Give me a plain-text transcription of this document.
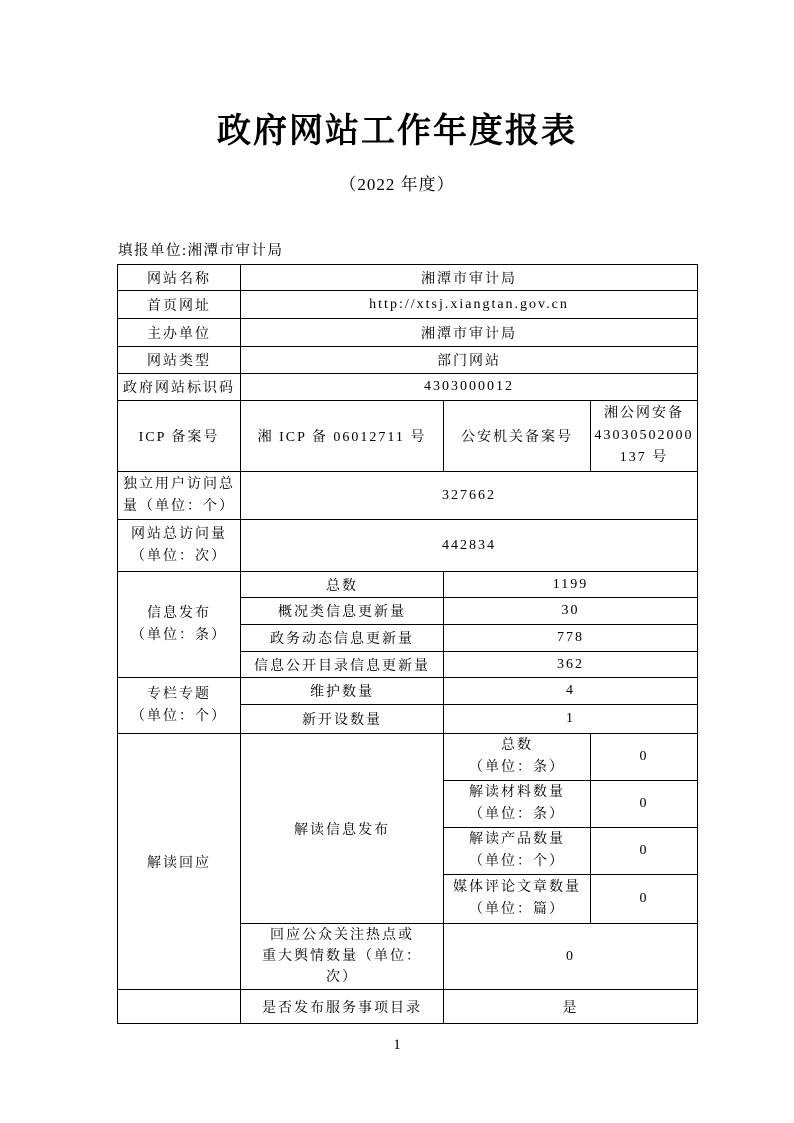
政府网站工作年度报表
（2022 年度）
填报单位:湘潭市审计局
网站名称	湘潭市审计局		
首页网址	http://xtsj.xiangtan.gov.cn		
主办单位	湘潭市审计局		
网站类型	部门网站		
政府网站标识码	4303000012		
ICP 备案号	湘 ICP 备 06012711 号	公安机关备案号	湘公网安备
43030502000
137 号

独立用户访问总
量（单位：个）	327662		

网站总访问量
（单位：次）	442834		

信息发布
（单位：条）	总数	1199	
	概况类信息更新量	30	
	政务动态信息更新量	778	
	信息公开目录信息更新量	362	

专栏专题
（单位：个）	维护数量	4	
	新开设数量	1	
解读回应	解读信息发布	总数
（单位：条）	0

		解读材料数量
（单位：条）	0

		解读产品数量
（单位：个）	0

		媒体评论文章数量
（单位：篇）	0

	回应公众关注热点或
重大舆情数量（单位：
次）	0	
	是否发布服务事项目录	是	
1
